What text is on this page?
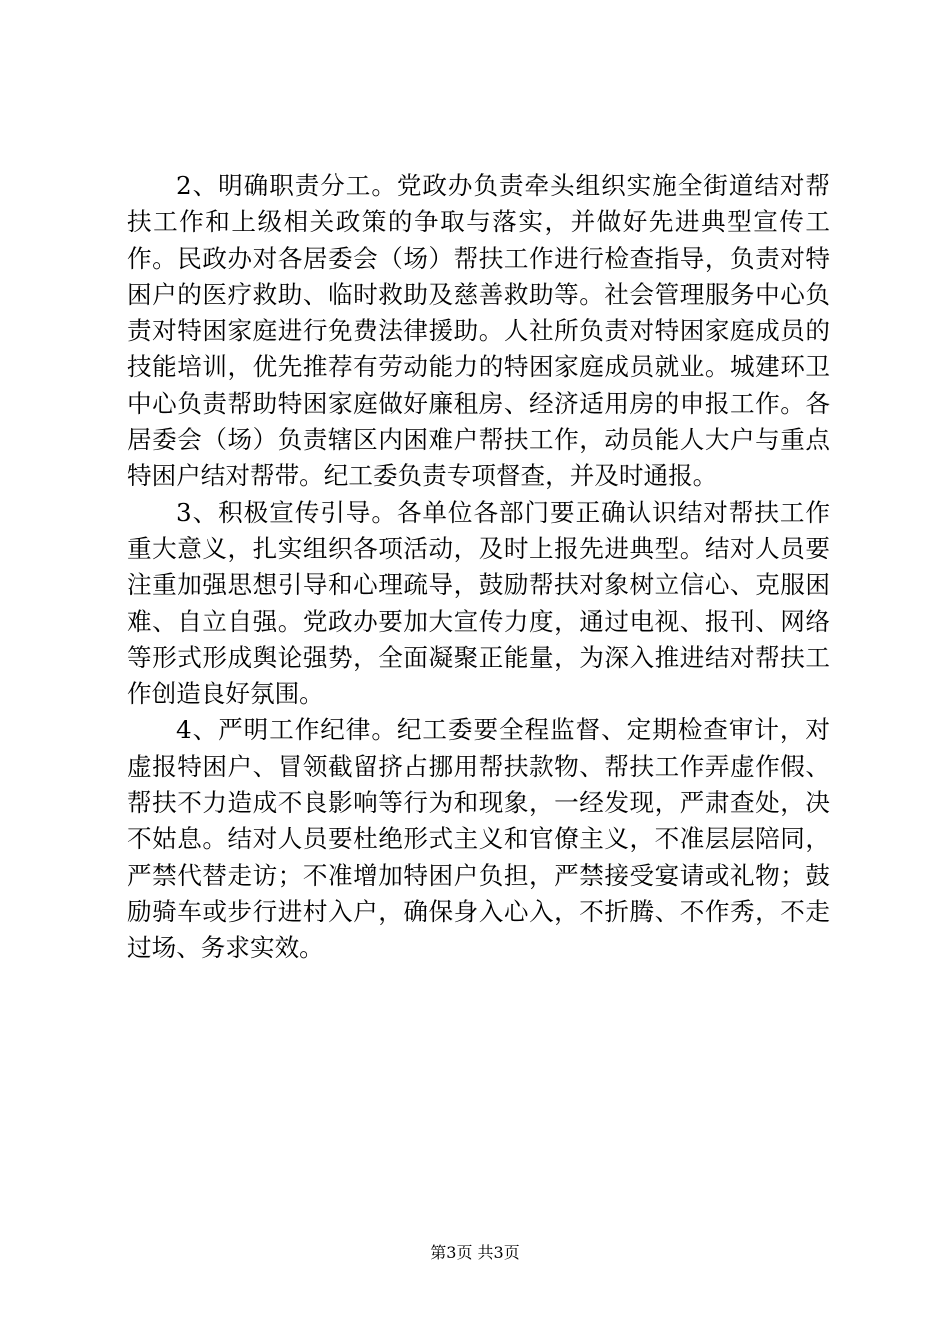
2、明确职责分工。党政办负责牵头组织实施全街道结对帮扶工作和上级相关政策的争取与落实，并做好先进典型宣传工作。民政办对各居委会（场）帮扶工作进行检查指导，负责对特困户的医疗救助、临时救助及慈善救助等。社会管理服务中心负责对特困家庭进行免费法律援助。人社所负责对特困家庭成员的技能培训，优先推荐有劳动能力的特困家庭成员就业。城建环卫中心负责帮助特困家庭做好廉租房、经济适用房的申报工作。各居委会（场）负责辖区内困难户帮扶工作，动员能人大户与重点特困户结对帮带。纪工委负责专项督查，并及时通报。

3、积极宣传引导。各单位各部门要正确认识结对帮扶工作重大意义，扎实组织各项活动，及时上报先进典型。结对人员要注重加强思想引导和心理疏导，鼓励帮扶对象树立信心、克服困难、自立自强。党政办要加大宣传力度，通过电视、报刊、网络等形式形成舆论强势，全面凝聚正能量，为深入推进结对帮扶工作创造良好氛围。

4、严明工作纪律。纪工委要全程监督、定期检查审计，对虚报特困户、冒领截留挤占挪用帮扶款物、帮扶工作弄虚作假、帮扶不力造成不良影响等行为和现象，一经发现，严肃查处，决不姑息。结对人员要杜绝形式主义和官僚主义，不准层层陪同，严禁代替走访；不准增加特困户负担，严禁接受宴请或礼物；鼓励骑车或步行进村入户，确保身入心入，不折腾、不作秀，不走过场、务求实效。

第3页 共3页
